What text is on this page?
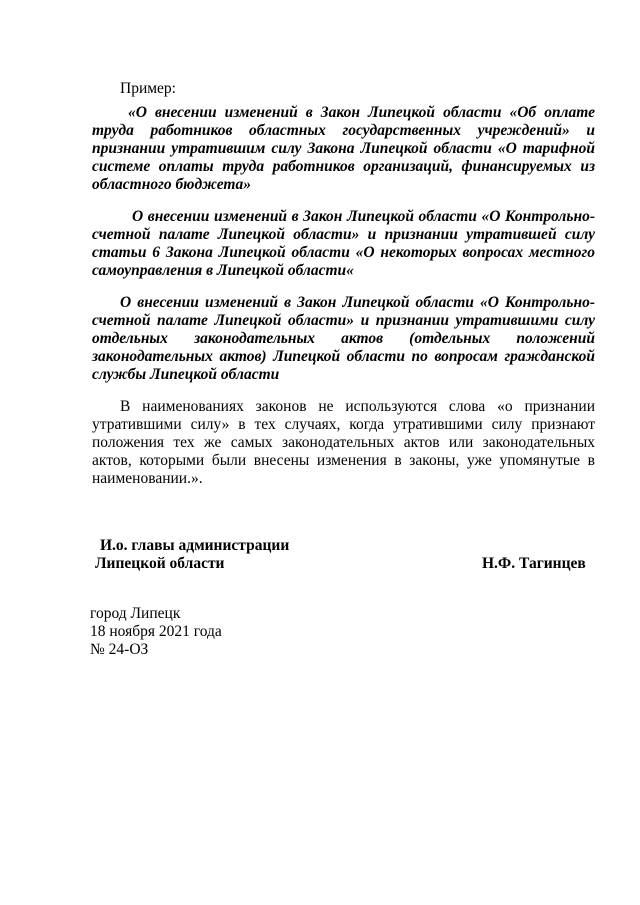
Пример:

«О внесении изменений в Закон Липецкой области «Об оплате труда работников областных государственных учреждений» и признании утратившим силу Закона Липецкой области «О тарифной системе оплаты труда работников организаций, финансируемых из областного бюджета»

О внесении изменений в Закон Липецкой области «О Контрольно-счетной палате Липецкой области» и признании утратившей силу статьи 6 Закона Липецкой области «О некоторых вопросах местного самоуправления в Липецкой области«

О внесении изменений в Закон Липецкой области «О Контрольно-счетной палате Липецкой области» и признании утратившими силу отдельных законодательных актов (отдельных положений законодательных актов) Липецкой области по вопросам гражданской службы Липецкой области

В наименованиях законов не используются слова «о признании утратившими силу» в тех случаях, когда утратившими силу признают положения тех же самых законодательных актов или законодательных актов, которыми были внесены изменения в законы, уже упомянутые в наименовании.».

И.о. главы администрации
Липецкой области	Н.Ф. Тагинцев
город Липецк
18 ноября 2021 года
№ 24-ОЗ
